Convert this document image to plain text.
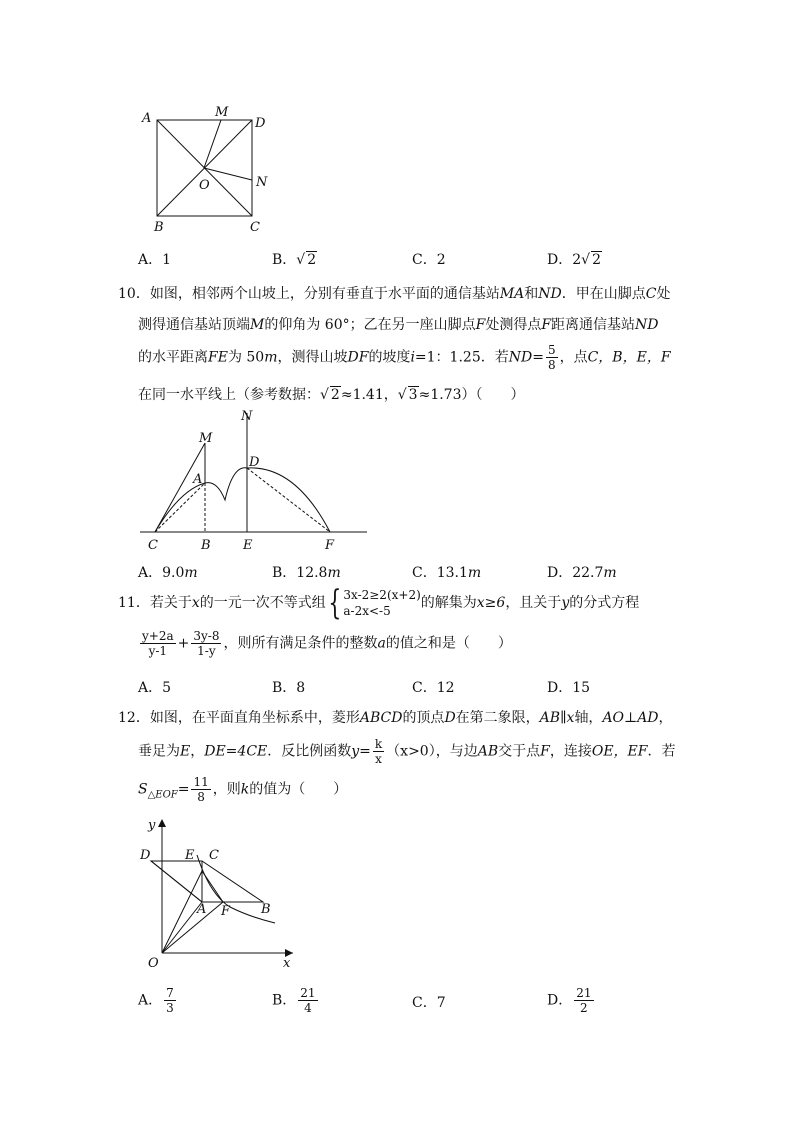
A	M
D
N
O
B	C
A．1	B．√ 2	C．2	D．2√ 2
10．如图，相邻两个山坡上，分别有垂直于水平面的通信基站MA和ND．甲在山脚点C处
测得通信基站顶端M的仰角为 60°；乙在另一座山脚点F处测得点F距离通信基站ND
的水平距离FE为 50m，测得山坡DF的坡度i=1：1.25．若$ND= \frac{5}{8}$ ，点C，B，E，F
在同一水平线上（参考数据：√ 2≈1.41，√ 3≈1.73）（　　）
N
M
D
A
C	B E	F
A．9.0m	B．12.8m	C．13.1m	D．22.7m
11．若关于x的一元一次不等式组{ 3x-2≥2(x+2)
a-2x<-5	的解集为x≥6，且关于y的分式方程
$\frac{y+2a}{y-1} + \frac{3y-8}{1-y}$ ，则所有满足条件的整数a的值之和是（　　）
A．5	B．8	C．12	D．15
12．如图，在平面直角坐标系中，菱形ABCD的顶点D在第二象限，AB∥x轴，AO⊥AD，
垂足为E，DE=4CE．反比例函数$y= \frac{k}{x} (x>0)$，与边AB交于点F，连接OE，EF．若
$S_{\triangle EOF}= \frac{11}{8}$ ，则k的值为（　　）
y
D	E C
A F B
O	x
A． $\frac{7}{3}$	B． $\frac{21}{4}$	C．7	D． $\frac{21}{2}$
